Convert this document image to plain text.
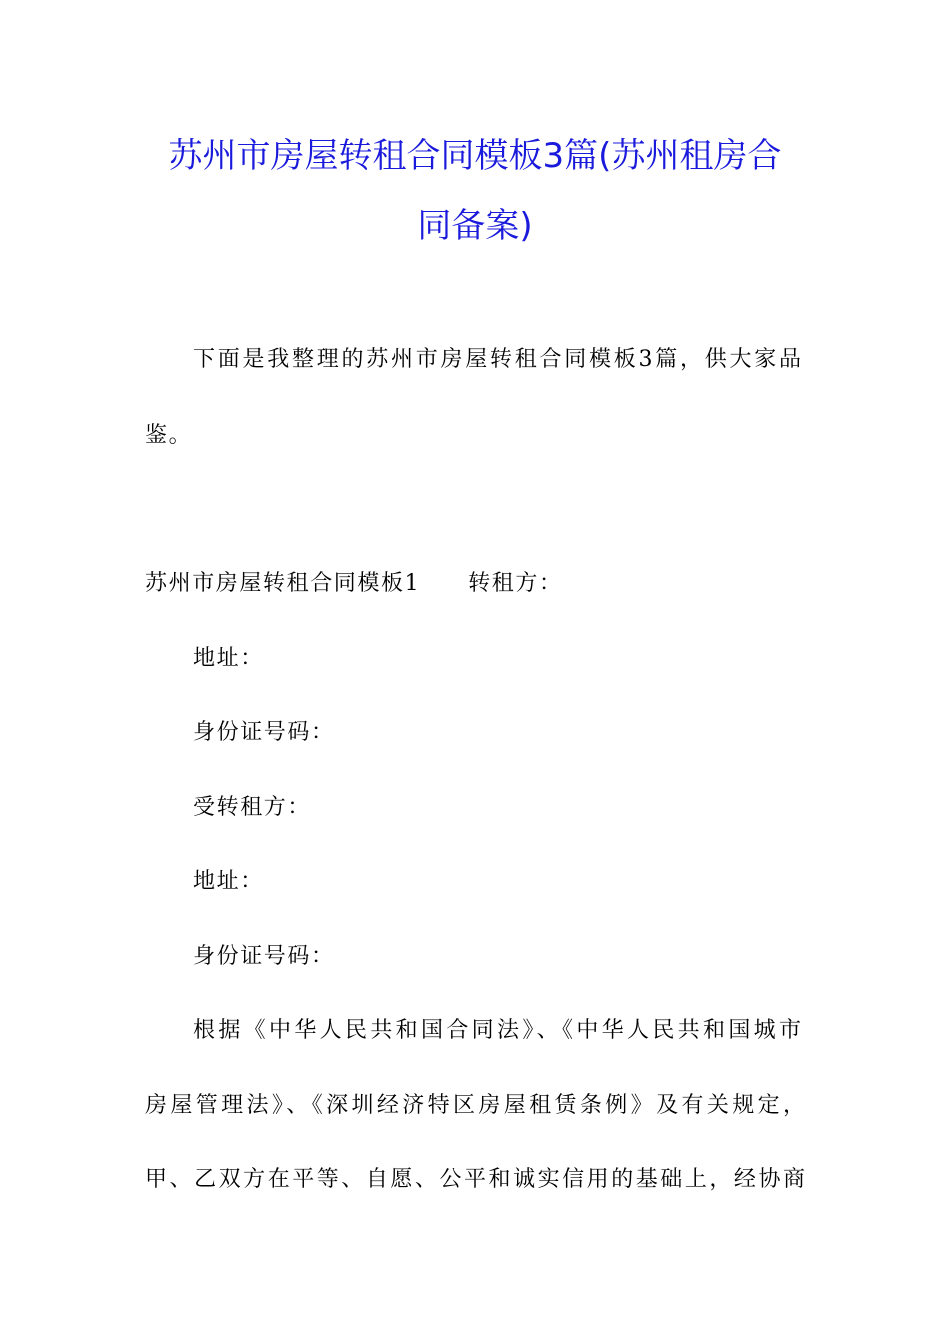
苏州市房屋转租合同模板3篇(苏州租房合
同备案)
下面是我整理的苏州市房屋转租合同模板3篇，供大家品
鉴。
苏州市房屋转租合同模板1 转租方：
地址：
身份证号码：
受转租方：
地址：
身份证号码：
根据《中华人民共和国合同法》、《中华人民共和国城市
房屋管理法》、《深圳经济特区房屋租赁条例》及有关规定，
甲、乙双方在平等、自愿、公平和诚实信用的基础上，经协商
